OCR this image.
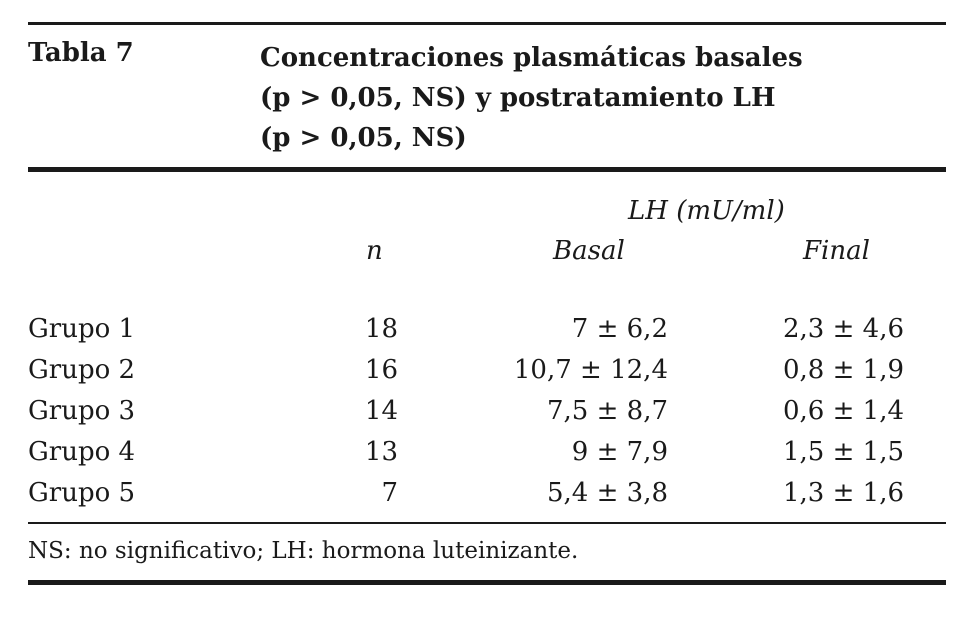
Tabla 7	Concentraciones plasmáticas basales
(p > 0,05, NS) y postratamiento LH
(p > 0,05, NS)
LH (mU/ml)
n	Basal	Final
Grupo 1	18	7 ± 6,2	2,3 ± 4,6
Grupo 2	16	10,7 ± 12,4	0,8 ± 1,9
Grupo 3	14	7,5 ± 8,7	0,6 ± 1,4
Grupo 4	13	9 ± 7,9	1,5 ± 1,5
Grupo 5	7	5,4 ± 3,8	1,3 ± 1,6
NS: no significativo; LH: hormona luteinizante.
